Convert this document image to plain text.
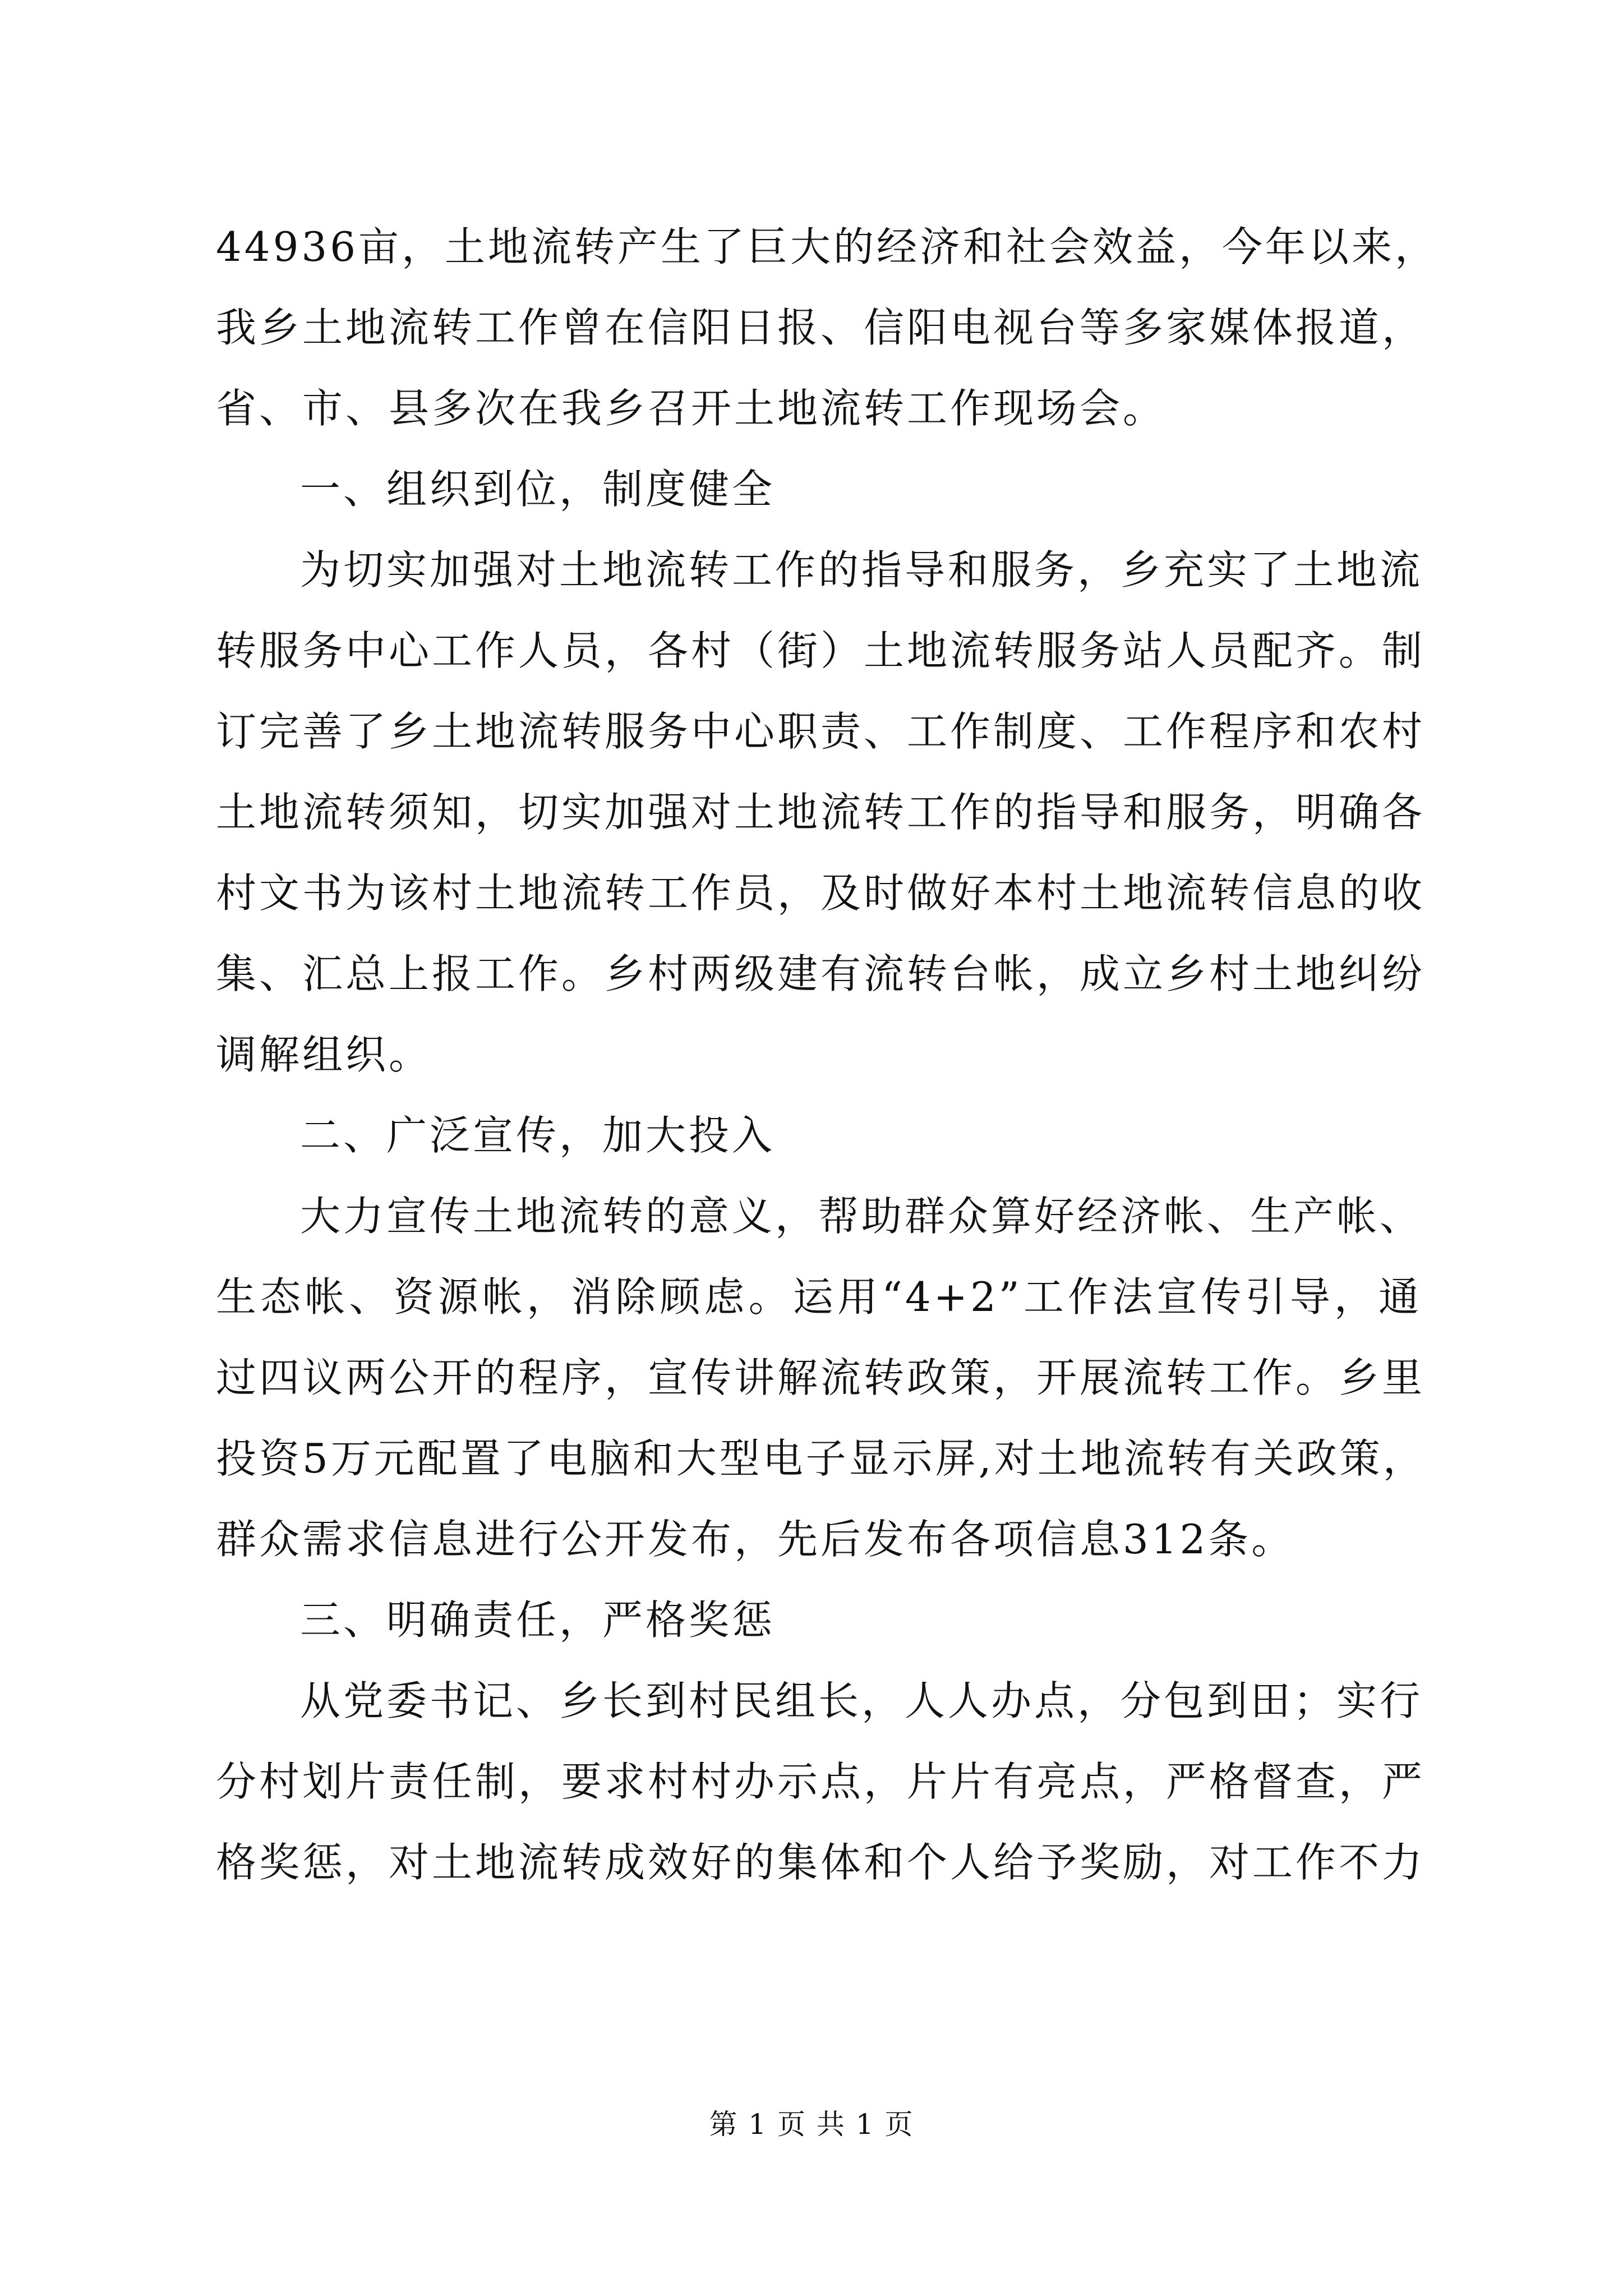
44936亩，土地流转产生了巨大的经济和社会效益，今年以来，
我乡土地流转工作曾在信阳日报、信阳电视台等多家媒体报道，
省、市、县多次在我乡召开土地流转工作现场会。
一、组织到位，制度健全
为切实加强对土地流转工作的指导和服务，乡充实了土地流
转服务中心工作人员，各村（街）土地流转服务站人员配齐。制
订完善了乡土地流转服务中心职责、工作制度、工作程序和农村
土地流转须知，切实加强对土地流转工作的指导和服务，明确各
村文书为该村土地流转工作员，及时做好本村土地流转信息的收
集、汇总上报工作。乡村两级建有流转台帐，成立乡村土地纠纷
调解组织。
二、广泛宣传，加大投入
大力宣传土地流转的意义，帮助群众算好经济帐、生产帐、
生态帐、资源帐，消除顾虑。运用“4+2”工作法宣传引导，通
过四议两公开的程序，宣传讲解流转政策，开展流转工作。乡里
投资5万元配置了电脑和大型电子显示屏,对土地流转有关政策，
群众需求信息进行公开发布，先后发布各项信息312条。
三、明确责任，严格奖惩
从党委书记、乡长到村民组长，人人办点，分包到田；实行
分村划片责任制，要求村村办示点，片片有亮点，严格督查，严
格奖惩，对土地流转成效好的集体和个人给予奖励，对工作不力
第 1 页 共 1 页
